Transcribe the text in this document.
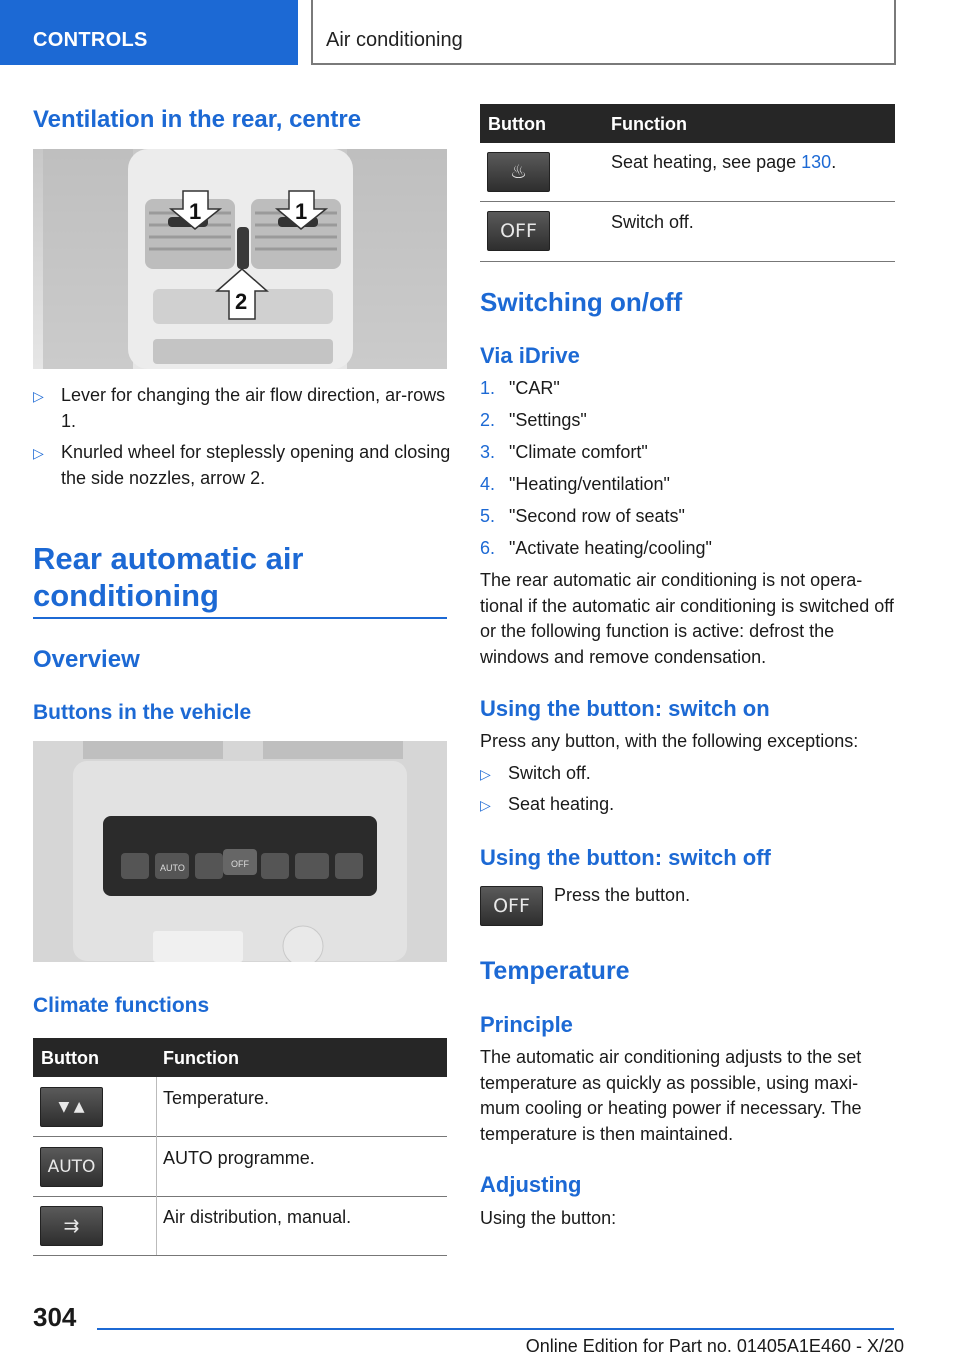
CONTROLS	Air conditioning
Ventilation in the rear, centre
1	1
2
▷ Lever for changing the air flow direction, ar-rows 1.
▷ Knurled wheel for steplessly opening and closing the side nozzles, arrow 2.
Rear automatic air conditioning
Overview
Buttons in the vehicle
AUTO	OFF
Climate functions
Button	Function
▼ ▲	Temperature.
AUTO	AUTO programme.
⇉	Air distribution, manual.
Button	Function
♨	Seat heating, see page 130.
OFF	Switch off.
Switching on/off
Via iDrive
1. "CAR"
2. "Settings"
3. "Climate comfort"
4. "Heating/ventilation"
5. "Second row of seats"
6. "Activate heating/cooling"
The rear automatic air conditioning is not opera-tional if the automatic air conditioning is switched off or the following function is active: defrost the windows and remove condensation.
Using the button: switch on
Press any button, with the following exceptions:
▷ Switch off.
▷ Seat heating.
Using the button: switch off
OFF Press the button.
Temperature
Principle
The automatic air conditioning adjusts to the set temperature as quickly as possible, using maxi-mum cooling or heating power if necessary. The temperature is then maintained.
Adjusting
Using the button:
304
Online Edition for Part no. 01405A1E460 - X/20
